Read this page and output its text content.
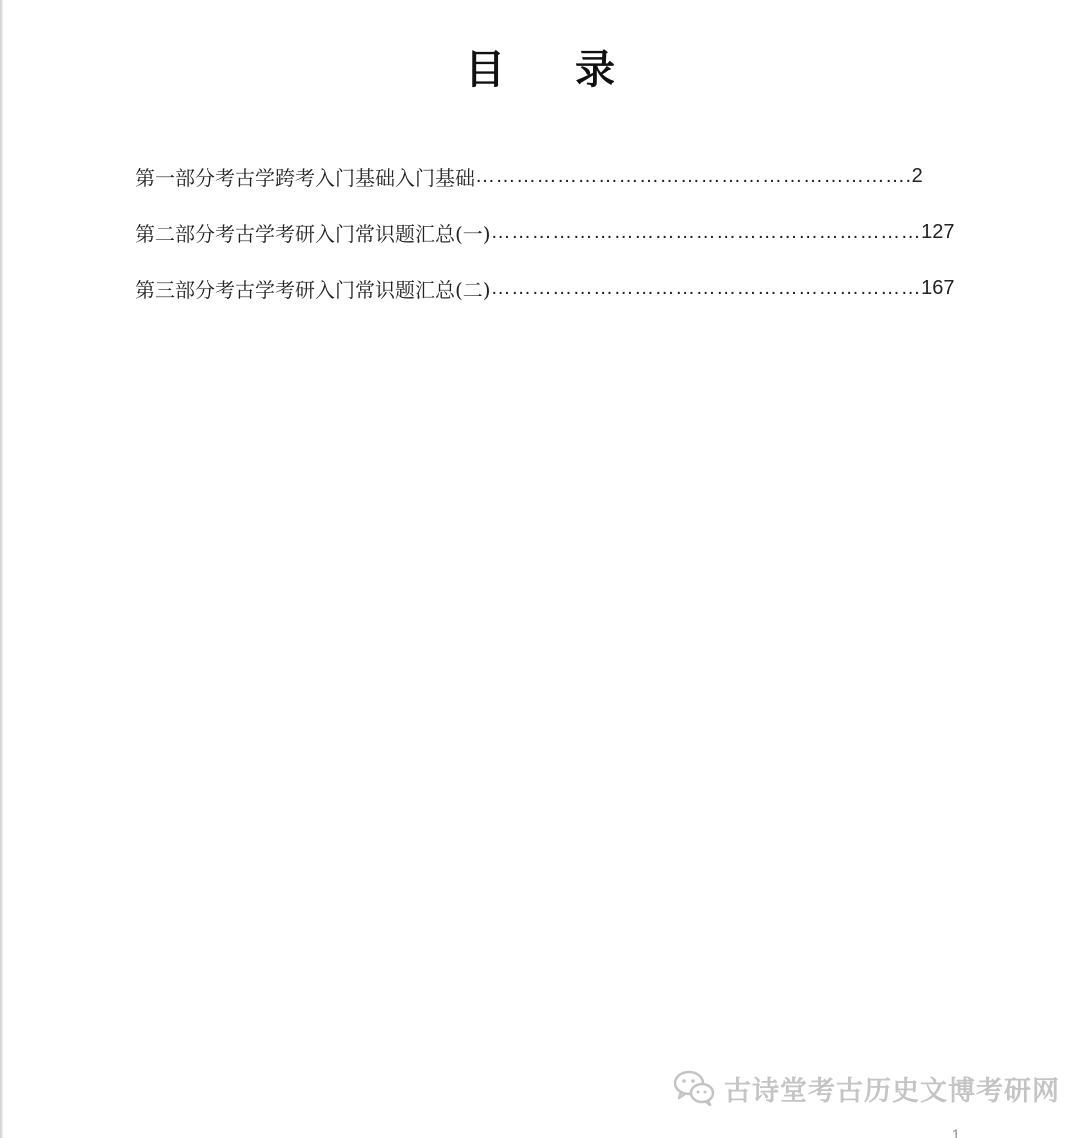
目 录
第一部分考古学跨考入门基础入门基础 ………………………………………………………. 2
第二部分考古学考研入门常识题汇总(一) ……………………………………………………… 127
第三部分考古学考研入门常识题汇总(二) ……………………………………………………… 167
古诗堂考古历史文博考研网
1
